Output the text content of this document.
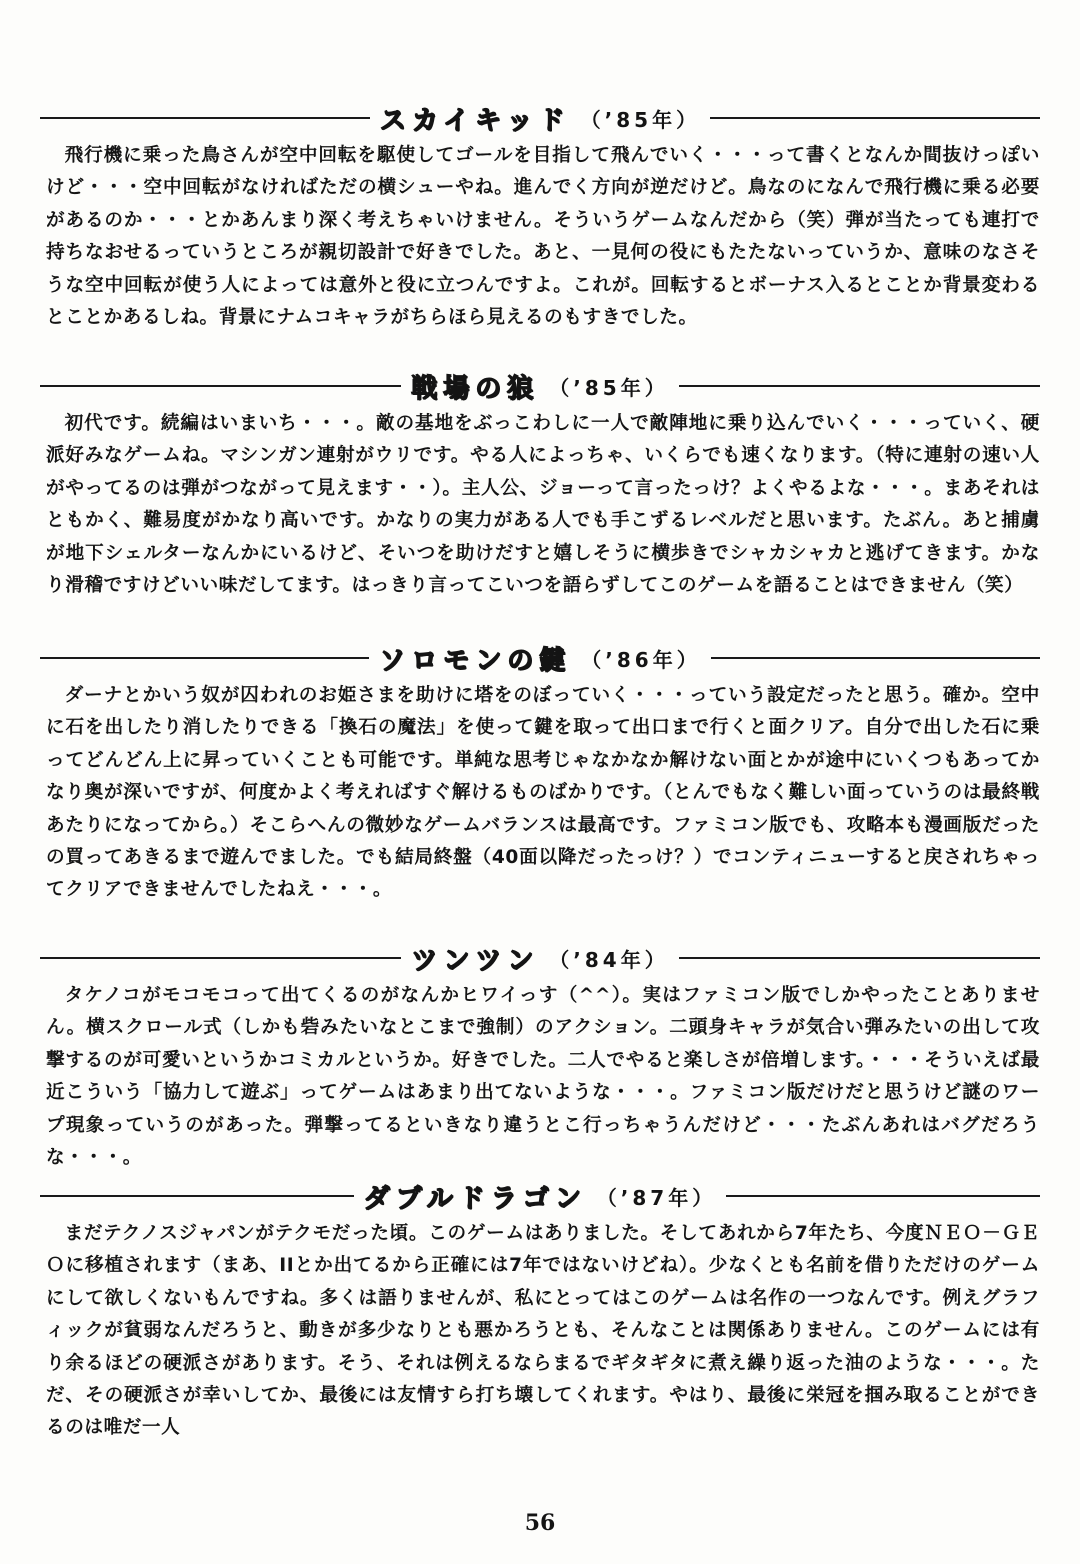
スカイキッド （’85年）

飛行機に乗った鳥さんが空中回転を駆使してゴールを目指して飛んでいく・・・って書くとなんか間抜けっぽいけど・・・空中回転がなければただの横シューやね。進んでく方向が逆だけど。鳥なのになんで飛行機に乗る必要があるのか・・・とかあんまり深く考えちゃいけません。そういうゲームなんだから（笑）弾が当たっても連打で持ちなおせるっていうところが親切設計で好きでした。あと、一見何の役にもたたないっていうか、意味のなさそうな空中回転が使う人によっては意外と役に立つんですよ。これが。回転するとボーナス入るとことか背景変わるとことかあるしね。背景にナムコキャラがちらほら見えるのもすきでした。

戦場の狼 （’85年）

初代です。続編はいまいち・・・。敵の基地をぶっこわしに一人で敵陣地に乗り込んでいく・・・っていく、硬派好みなゲームね。マシンガン連射がウリです。やる人によっちゃ、いくらでも速くなります。（特に連射の速い人がやってるのは弾がつながって見えます・・）。主人公、ジョーって言ったっけ？よくやるよな・・・。まあそれはともかく、難易度がかなり高いです。かなりの実力がある人でも手こずるレベルだと思います。たぶん。あと捕虜が地下シェルターなんかにいるけど、そいつを助けだすと嬉しそうに横歩きでシャカシャカと逃げてきます。かなり滑稽ですけどいい味だしてます。はっきり言ってこいつを語らずしてこのゲームを語ることはできません（笑）

ソロモンの鍵 （’86年）

ダーナとかいう奴が囚われのお姫さまを助けに塔をのぼっていく・・・っていう設定だったと思う。確か。空中に石を出したり消したりできる「換石の魔法」を使って鍵を取って出口まで行くと面クリア。自分で出した石に乗ってどんどん上に昇っていくことも可能です。単純な思考じゃなかなか解けない面とかが途中にいくつもあってかなり奥が深いですが、何度かよく考えればすぐ解けるものばかりです。（とんでもなく難しい面っていうのは最終戦あたりになってから。）そこらへんの微妙なゲームバランスは最高です。ファミコン版でも、攻略本も漫画版だったの買ってあきるまで遊んでました。でも結局終盤（40面以降だったっけ？）でコンティニューすると戻されちゃってクリアできませんでしたねえ・・・。

ツンツン （’84年）

タケノコがモコモコって出てくるのがなんかヒワイっす（^^）。実はファミコン版でしかやったことありません。横スクロール式（しかも砦みたいなとこまで強制）のアクション。二頭身キャラが気合い弾みたいの出して攻撃するのが可愛いというかコミカルというか。好きでした。二人でやると楽しさが倍増します。・・・そういえば最近こういう「協力して遊ぶ」ってゲームはあまり出てないような・・・。ファミコン版だけだと思うけど謎のワープ現象っていうのがあった。弾撃ってるといきなり違うとこ行っちゃうんだけど・・・たぶんあれはバグだろうな・・・。

ダブルドラゴン （’87年）

まだテクノスジャパンがテクモだった頃。このゲームはありました。そしてあれから7年たち、今度ＮＥＯ－ＧＥＯに移植されます（まあ、IIとか出てるから正確には7年ではないけどね）。少なくとも名前を借りただけのゲームにして欲しくないもんですね。多くは語りませんが、私にとってはこのゲームは名作の一つなんです。例えグラフィックが貧弱なんだろうと、動きが多少なりとも悪かろうとも、そんなことは関係ありません。このゲームには有り余るほどの硬派さがあります。そう、それは例えるならまるでギタギタに煮え繰り返った油のような・・・。ただ、その硬派さが幸いしてか、最後には友情すら打ち壊してくれます。やはり、最後に栄冠を掴み取ることができるのは唯だ一人

56
